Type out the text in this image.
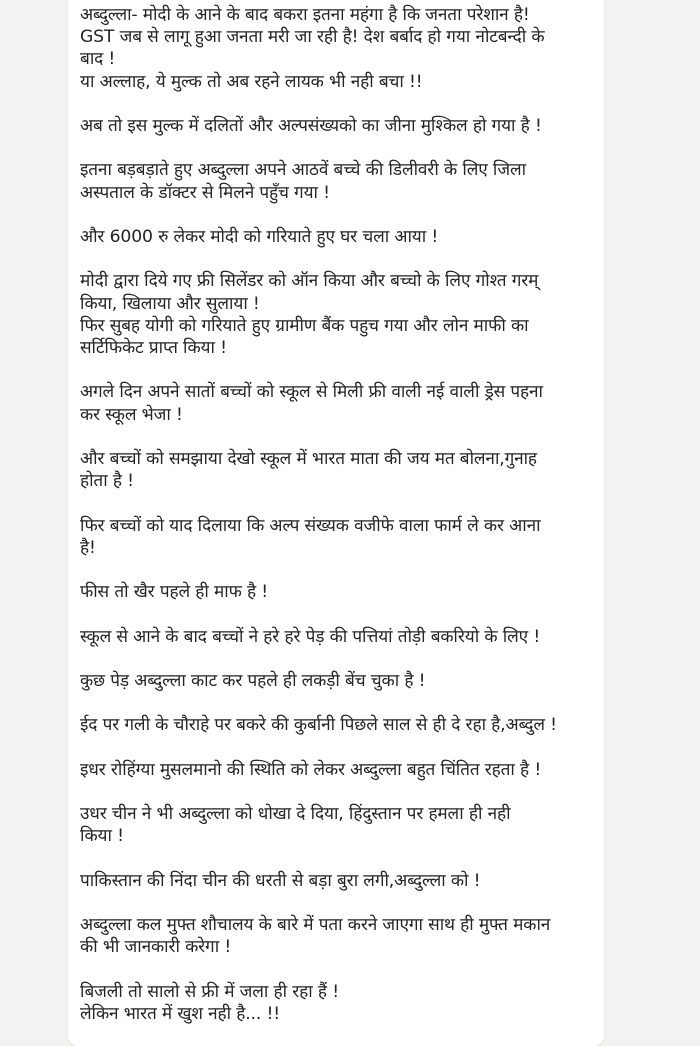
अब्दुल्ला- मोदी के आने के बाद बकरा इतना महंगा है कि जनता परेशान है!
GST जब से लागू हुआ जनता मरी जा रही है! देश बर्बाद हो गया नोटबन्दी के
बाद !
या अल्लाह, ये मुल्क तो अब रहने लायक भी नही बचा !!
अब तो इस मुल्क में दलितों और अल्पसंख्यको का जीना मुश्किल हो गया है !
इतना बड़बड़ाते हुए अब्दुल्ला अपने आठवें बच्चे की डिलीवरी के लिए जिला
अस्पताल के डॉक्टर से मिलने पहुँच गया !
और 6000 रु लेकर मोदी को गरियाते हुए घर चला आया !
मोदी द्वारा दिये गए फ्री सिलेंडर को ऑन किया और बच्चो के लिए गोश्त गरम्
किया, खिलाया और सुलाया !
फिर सुबह योगी को गरियाते हुए ग्रामीण बैंक पहुच गया और लोन माफी का
सर्टिफिकेट प्राप्त किया !
अगले दिन अपने सातों बच्चों को स्कूल से मिली फ्री वाली नई वाली ड्रेस पहना
कर स्कूल भेजा !
और बच्चों को समझाया देखो स्कूल में भारत माता की जय मत बोलना,गुनाह
होता है !
फिर बच्चों को याद दिलाया कि अल्प संख्यक वजीफे वाला फार्म ले कर आना
है!
फीस तो खैर पहले ही माफ है !
स्कूल से आने के बाद बच्चों ने हरे हरे पेड़ की पत्तियां तोड़ी बकरियो के लिए !
कुछ पेड़ अब्दुल्ला काट कर पहले ही लकड़ी बेंच चुका है !
ईद पर गली के चौराहे पर बकरे की कुर्बानी पिछले साल से ही दे रहा है,अब्दुल !
इधर रोहिंग्या मुसलमानो की स्थिति को लेकर अब्दुल्ला बहुत चिंतित रहता है !
उधर चीन ने भी अब्दुल्ला को धोखा दे दिया, हिंदुस्तान पर हमला ही नही
किया !
पाकिस्तान की निंदा चीन की धरती से बड़ा बुरा लगी,अब्दुल्ला को !
अब्दुल्ला कल मुफ्त शौचालय के बारे में पता करने जाएगा साथ ही मुफ्त मकान
की भी जानकारी करेगा !
बिजली तो सालो से फ्री में जला ही रहा हैं !
लेकिन भारत में खुश नही है... !!
